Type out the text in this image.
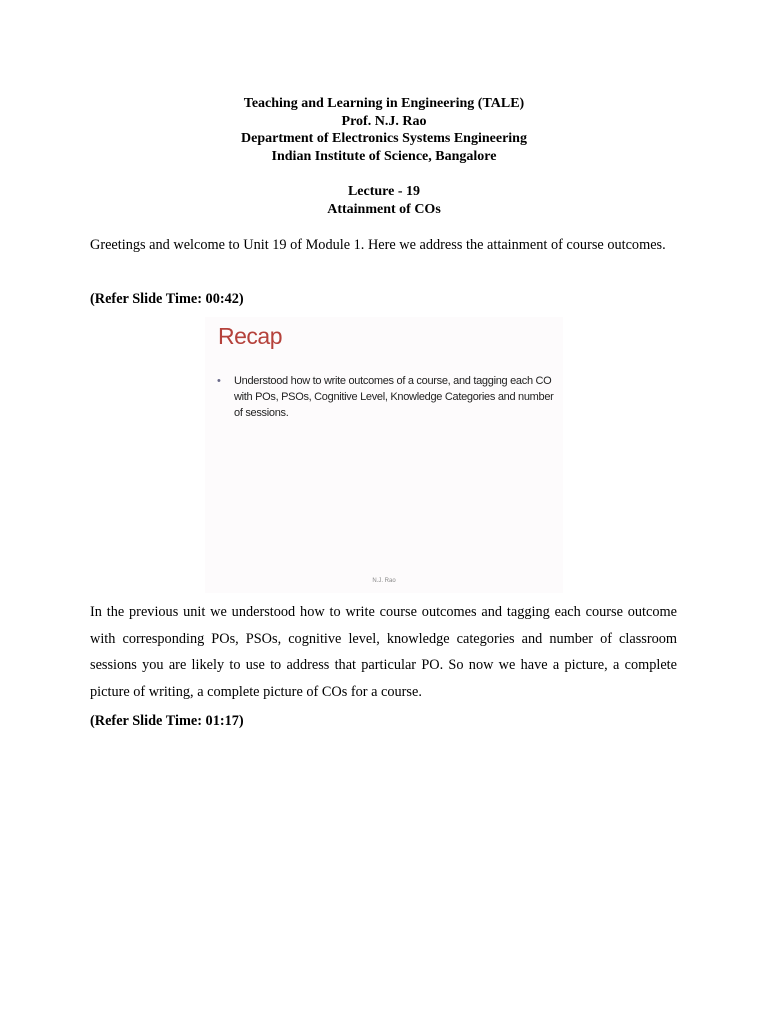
Teaching and Learning in Engineering (TALE)
Prof. N.J. Rao
Department of Electronics Systems Engineering
Indian Institute of Science, Bangalore
Lecture - 19
Attainment of COs
Greetings and welcome to Unit 19 of Module 1. Here we address the attainment of course outcomes.
(Refer Slide Time: 00:42)
Recap
• Understood how to write outcomes of a course, and tagging each CO with POs, PSOs, Cognitive Level, Knowledge Categories and number of sessions.
N.J. Rao
In the previous unit we understood how to write course outcomes and tagging each course outcome with corresponding POs, PSOs, cognitive level, knowledge categories and number of classroom sessions you are likely to use to address that particular PO. So now we have a picture, a complete picture of writing, a complete picture of COs for a course.
(Refer Slide Time: 01:17)
